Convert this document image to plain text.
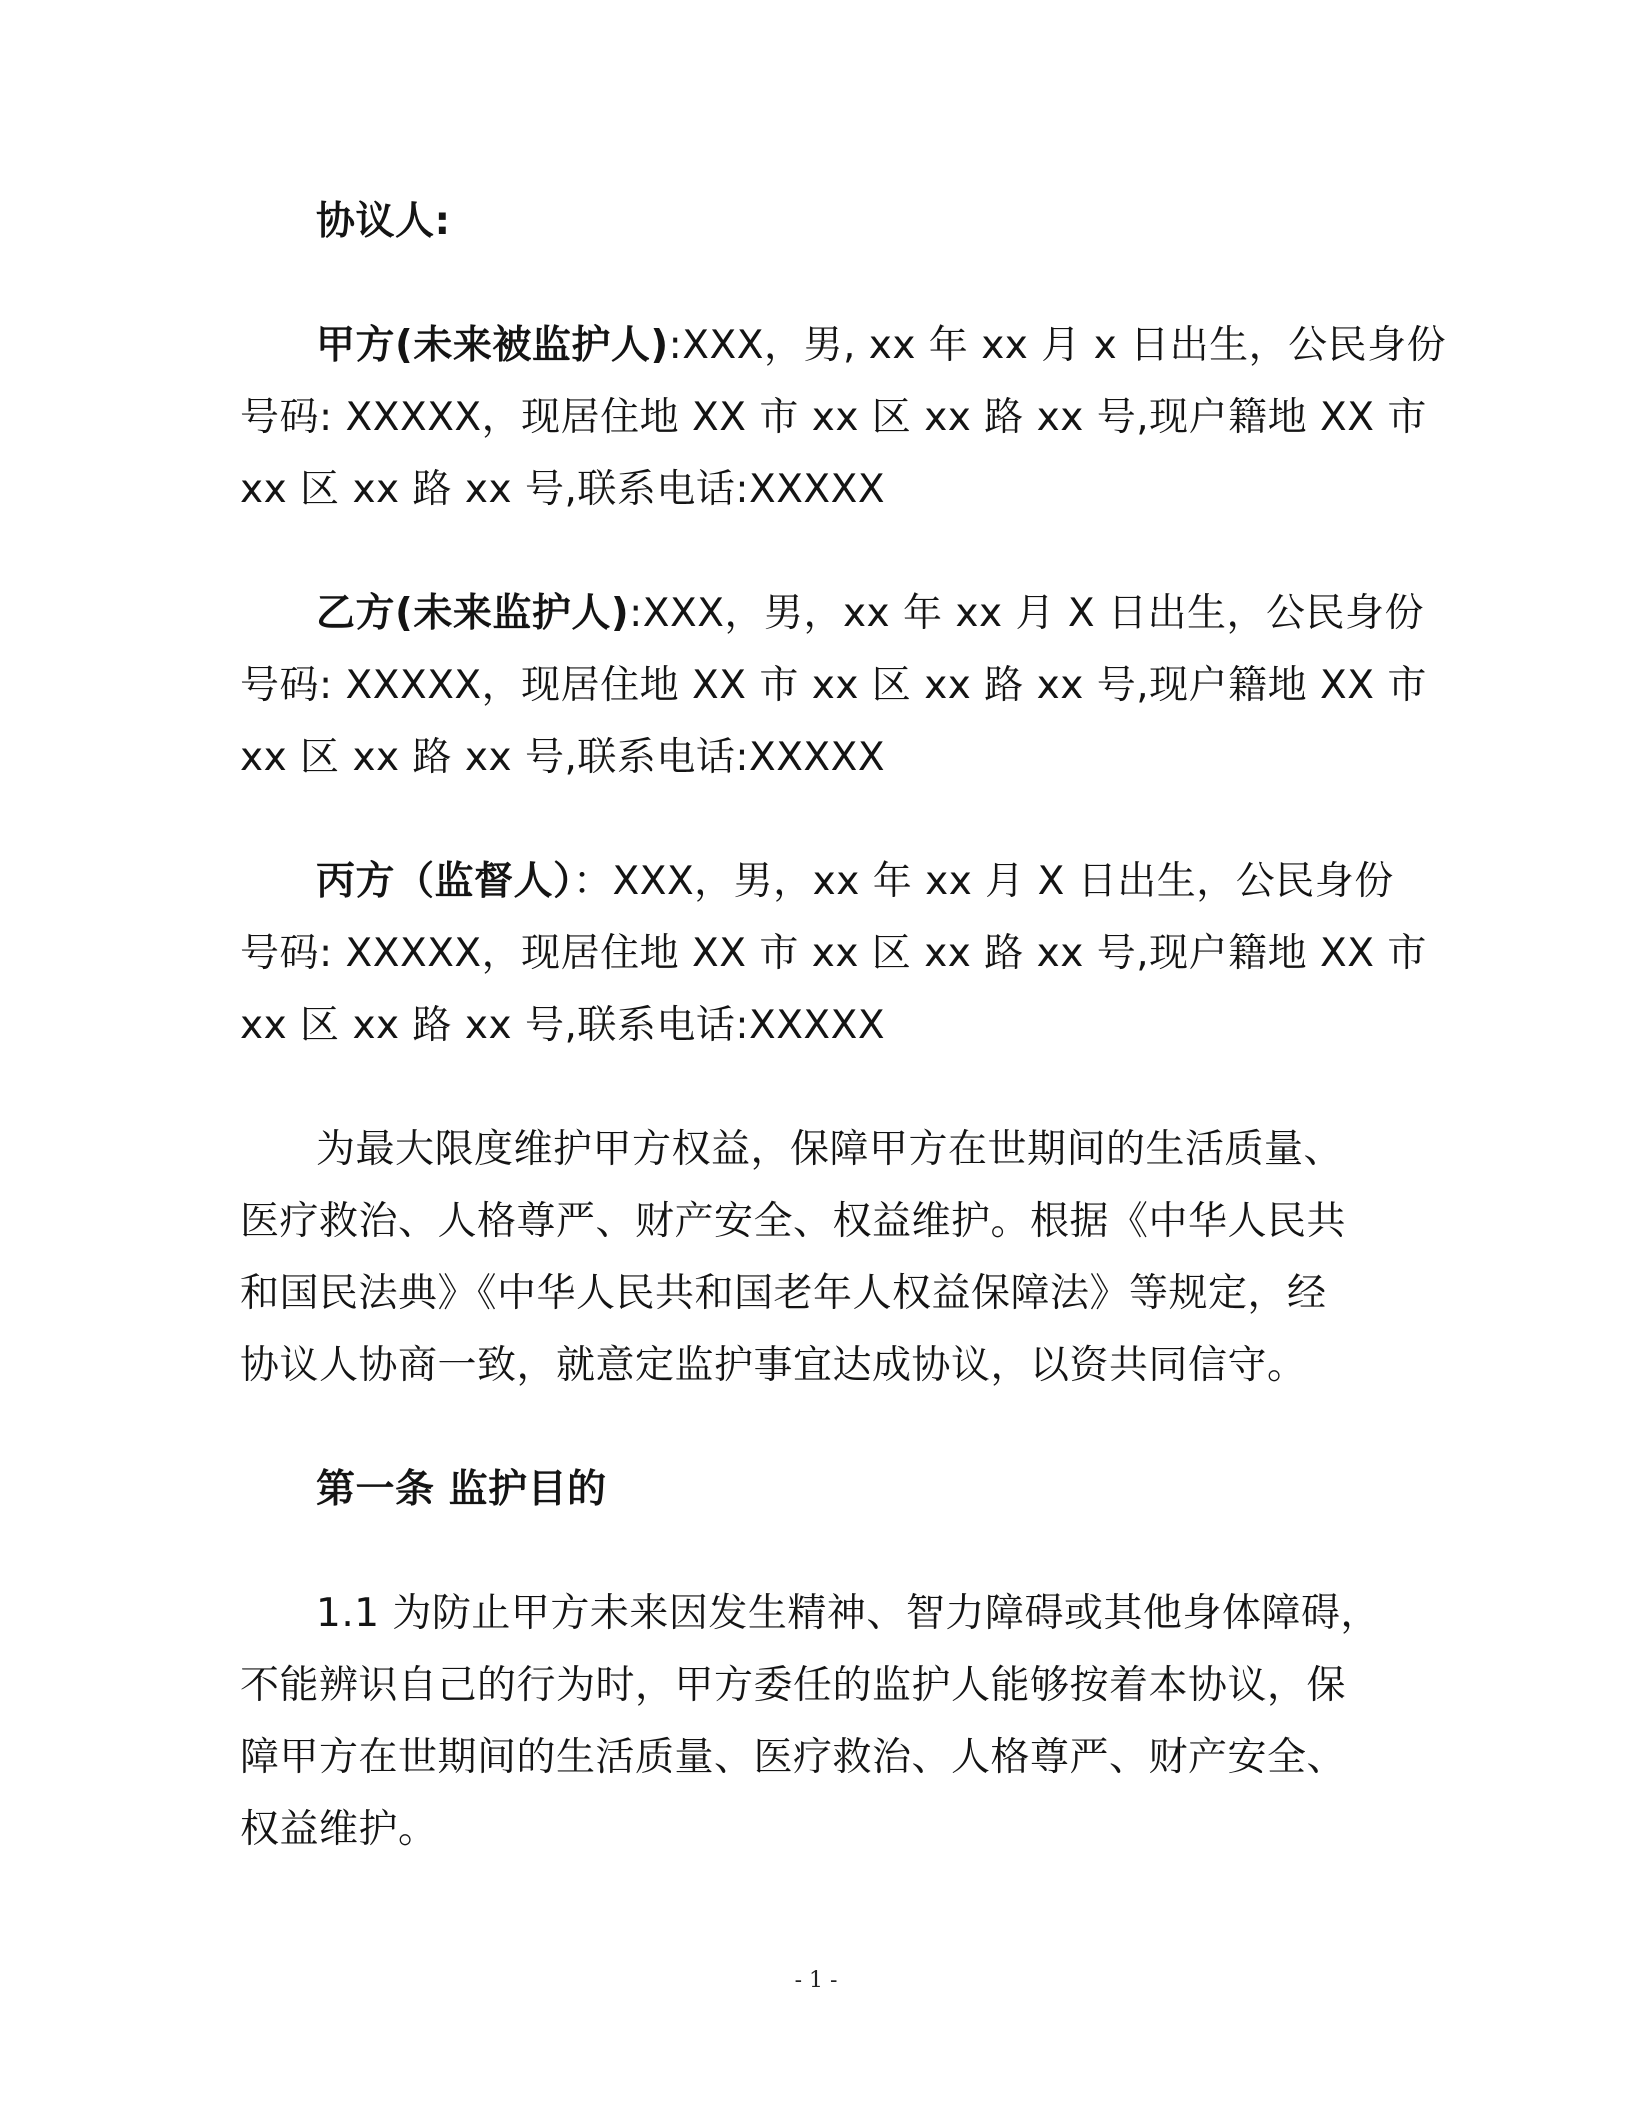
协议人:
甲方(未来被监护人):XXX，男, xx 年 xx 月 x 日出生，公民身份
号码: XXXXX，现居住地 XX 市 xx 区 xx 路 xx 号,现户籍地 XX 市
xx 区 xx 路 xx 号,联系电话:XXXXX
乙方(未来监护人):XXX，男，xx 年 xx 月 X 日出生，公民身份
号码: XXXXX，现居住地 XX 市 xx 区 xx 路 xx 号,现户籍地 XX 市
xx 区 xx 路 xx 号,联系电话:XXXXX
丙方（监督人）：XXX，男，xx 年 xx 月 X 日出生，公民身份
号码: XXXXX，现居住地 XX 市 xx 区 xx 路 xx 号,现户籍地 XX 市
xx 区 xx 路 xx 号,联系电话:XXXXX
为最大限度维护甲方权益，保障甲方在世期间的生活质量、
医疗救治、人格尊严、财产安全、权益维护。根据《中华人民共
和国民法典》《中华人民共和国老年人权益保障法》等规定，经
协议人协商一致，就意定监护事宜达成协议，以资共同信守。
第一条 监护目的
1.1 为防止甲方未来因发生精神、智力障碍或其他身体障碍，
不能辨识自己的行为时，甲方委任的监护人能够按着本协议，保
障甲方在世期间的生活质量、医疗救治、人格尊严、财产安全、
权益维护。
- 1 -
